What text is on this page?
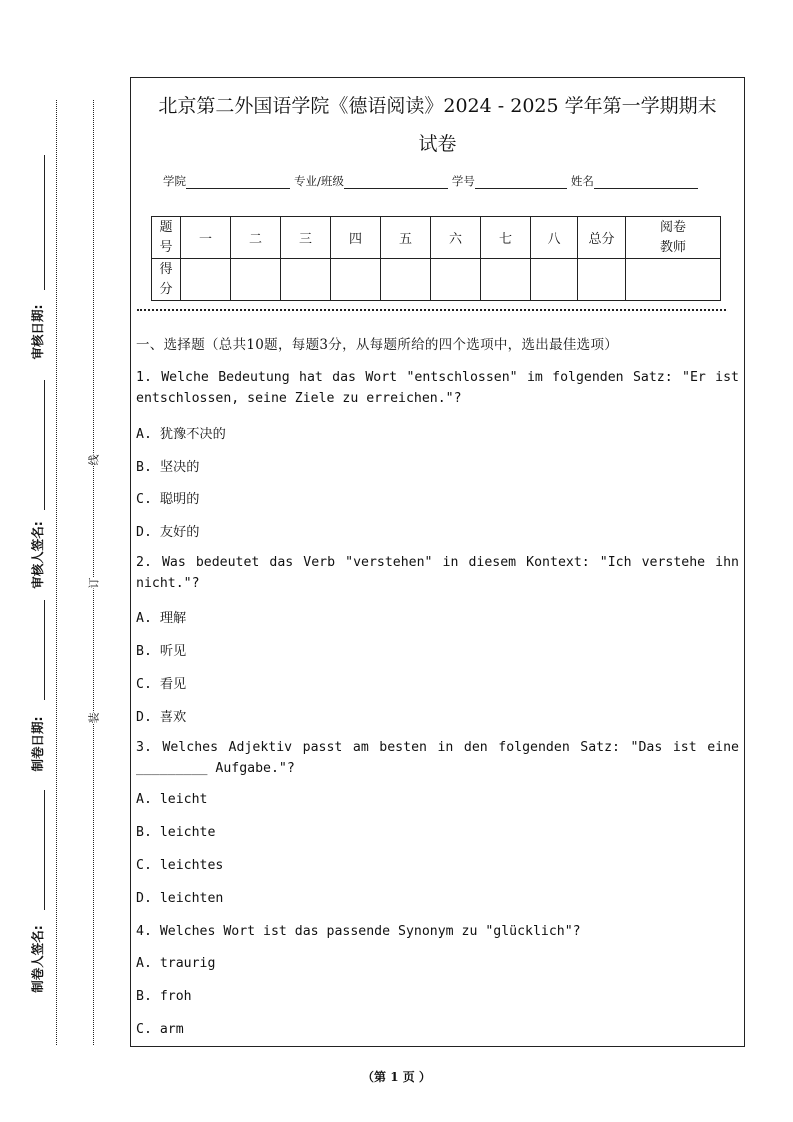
审核日期:
审核人签名:
制卷日期:
制卷人签名:
线
订
装
北京第二外国语学院《德语阅读》2024 - 2025 学年第一学期期末
试卷
学院	专业/班级	学号	姓名
题号	一	二	三	四	五	六	七	八	总分	阅卷教师
得分										
一、选择题（总共10题，每题3分，从每题所给的四个选项中，选出最佳选项）
1. Welche Bedeutung hat das Wort "entschlossen" im folgenden Satz: "Er ist entschlossen, seine Ziele zu erreichen."?
A. 犹豫不决的
B. 坚决的
C. 聪明的
D. 友好的
2. Was bedeutet das Verb "verstehen" in diesem Kontext: "Ich verstehe ihn nicht."?
A. 理解
B. 听见
C. 看见
D. 喜欢
3. Welches Adjektiv passt am besten in den folgenden Satz: "Das ist eine _________ Aufgabe."?
A. leicht
B. leichte
C. leichtes
D. leichten
4. Welches Wort ist das passende Synonym zu "glücklich"?
A. traurig
B. froh
C. arm
（第 1 页 ）
